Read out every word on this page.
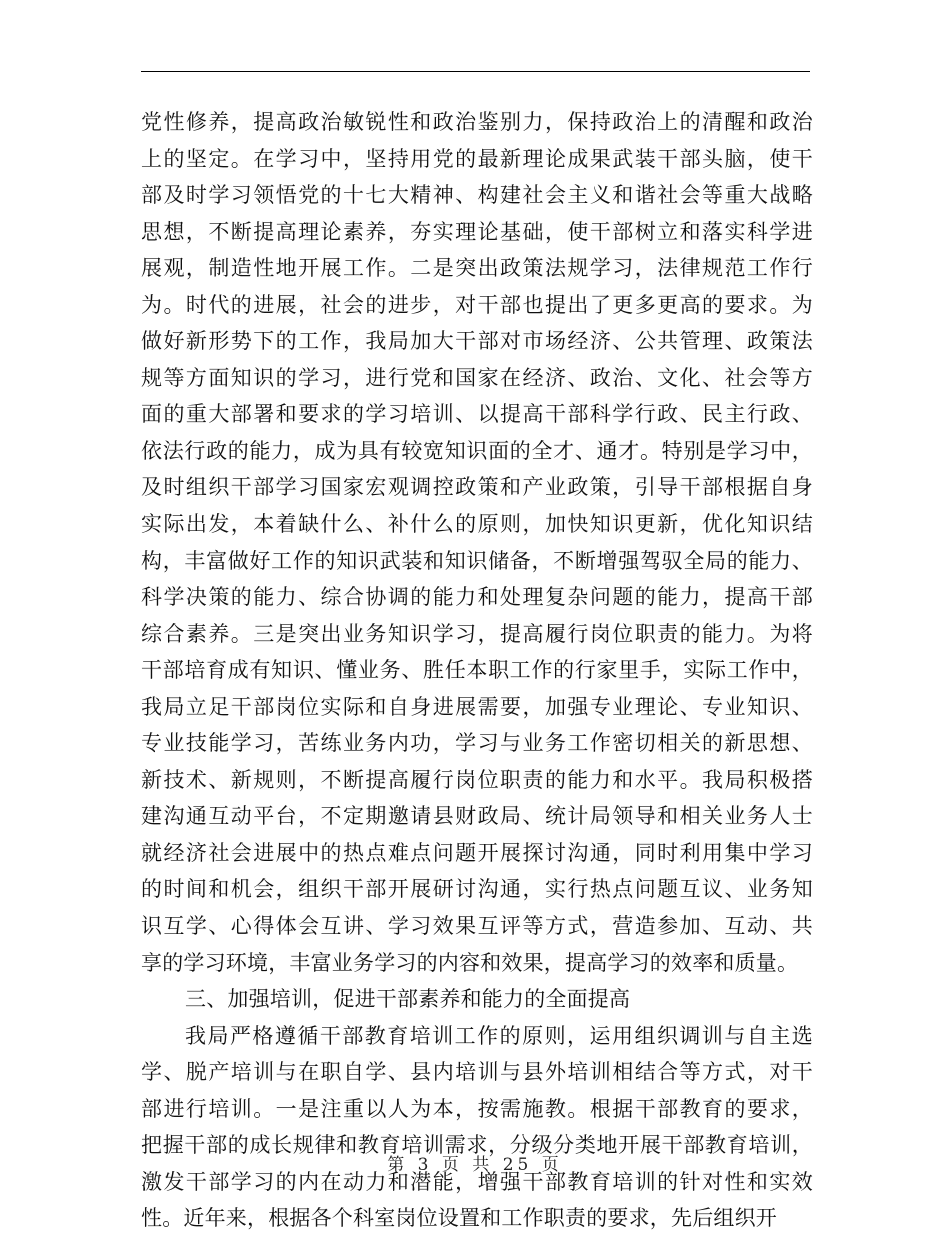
党性修养，提高政治敏锐性和政治鉴别力，保持政治上的清醒和政治
上的坚定。在学习中，坚持用党的最新理论成果武装干部头脑，使干
部及时学习领悟党的十七大精神、构建社会主义和谐社会等重大战略
思想，不断提高理论素养，夯实理论基础，使干部树立和落实科学进
展观，制造性地开展工作。二是突出政策法规学习，法律规范工作行
为。时代的进展，社会的进步，对干部也提出了更多更高的要求。为
做好新形势下的工作，我局加大干部对市场经济、公共管理、政策法
规等方面知识的学习，进行党和国家在经济、政治、文化、社会等方
面的重大部署和要求的学习培训、以提高干部科学行政、民主行政、
依法行政的能力，成为具有较宽知识面的全才、通才。特别是学习中，
及时组织干部学习国家宏观调控政策和产业政策，引导干部根据自身
实际出发，本着缺什么、补什么的原则，加快知识更新，优化知识结
构，丰富做好工作的知识武装和知识储备，不断增强驾驭全局的能力、
科学决策的能力、综合协调的能力和处理复杂问题的能力，提高干部
综合素养。三是突出业务知识学习，提高履行岗位职责的能力。为将
干部培育成有知识、懂业务、胜任本职工作的行家里手，实际工作中，
我局立足干部岗位实际和自身进展需要，加强专业理论、专业知识、
专业技能学习，苦练业务内功，学习与业务工作密切相关的新思想、
新技术、新规则，不断提高履行岗位职责的能力和水平。我局积极搭
建沟通互动平台，不定期邀请县财政局、统计局领导和相关业务人士
就经济社会进展中的热点难点问题开展探讨沟通，同时利用集中学习
的时间和机会，组织干部开展研讨沟通，实行热点问题互议、业务知
识互学、心得体会互讲、学习效果互评等方式，营造参加、互动、共
享的学习环境，丰富业务学习的内容和效果，提高学习的效率和质量。
三、加强培训，促进干部素养和能力的全面提高
我局严格遵循干部教育培训工作的原则，运用组织调训与自主选
学、脱产培训与在职自学、县内培训与县外培训相结合等方式，对干
部进行培训。一是注重以人为本，按需施教。根据干部教育的要求，
把握干部的成长规律和教育培训需求，分级分类地开展干部教育培训，
激发干部学习的内在动力和潜能，增强干部教育培训的针对性和实效
性。近年来，根据各个科室岗位设置和工作职责的要求，先后组织开
第 3 页 共 25 页
